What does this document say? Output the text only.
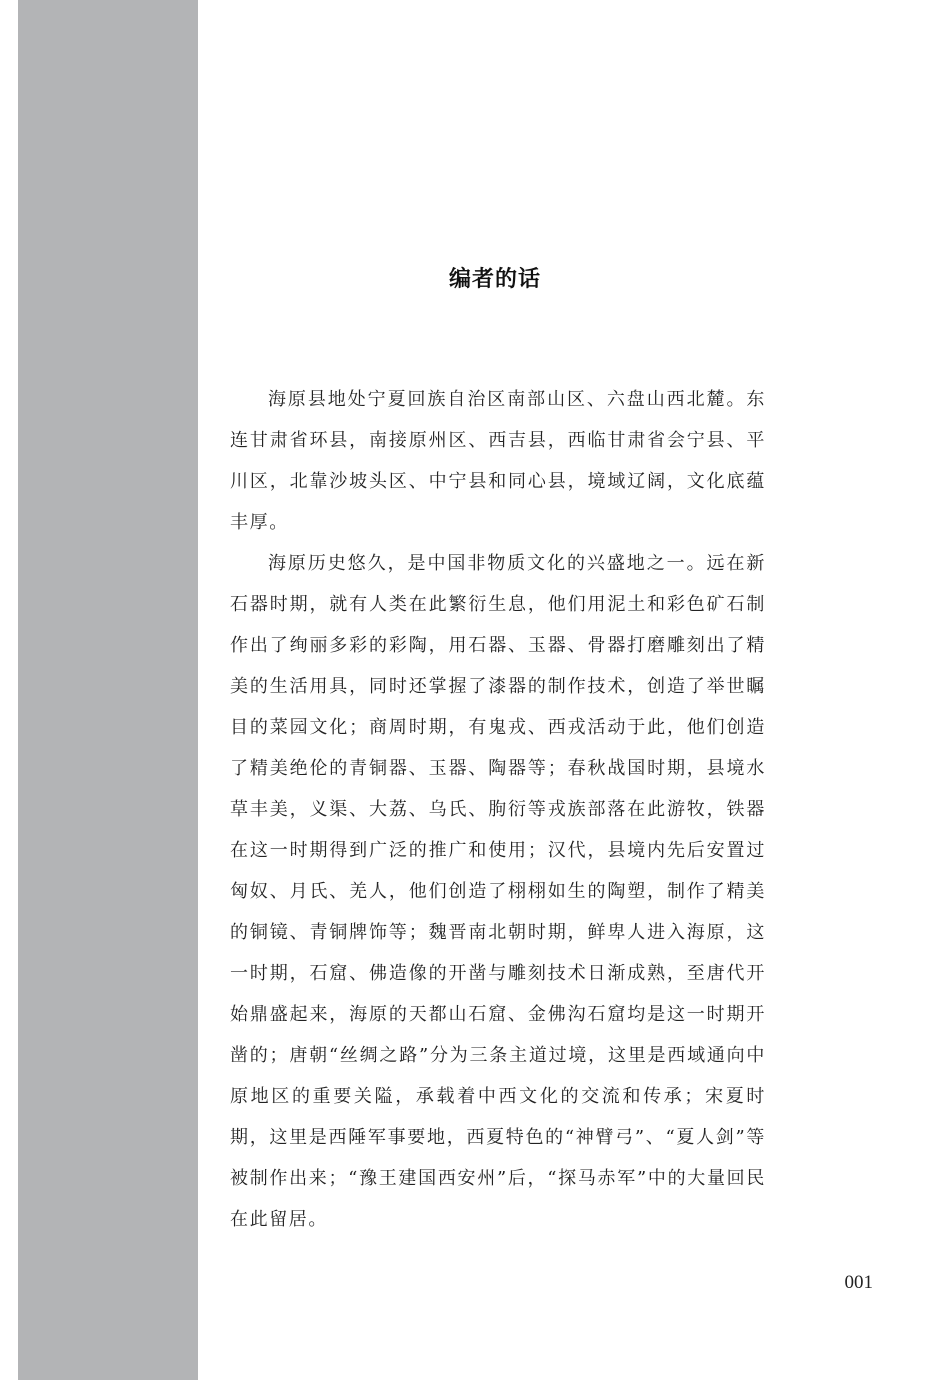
编者的话

海原县地处宁夏回族自治区南部山区、六盘山西北麓。东连甘肃省环县，南接原州区、西吉县，西临甘肃省会宁县、平川区，北靠沙坡头区、中宁县和同心县，境域辽阔，文化底蕴丰厚。

海原历史悠久，是中国非物质文化的兴盛地之一。远在新石器时期，就有人类在此繁衍生息，他们用泥土和彩色矿石制作出了绚丽多彩的彩陶，用石器、玉器、骨器打磨雕刻出了精美的生活用具，同时还掌握了漆器的制作技术，创造了举世瞩目的菜园文化；商周时期，有鬼戎、西戎活动于此，他们创造了精美绝伦的青铜器、玉器、陶器等；春秋战国时期，县境水草丰美，义渠、大荔、乌氏、朐衍等戎族部落在此游牧，铁器在这一时期得到广泛的推广和使用；汉代，县境内先后安置过匈奴、月氏、羌人，他们创造了栩栩如生的陶塑，制作了精美的铜镜、青铜牌饰等；魏晋南北朝时期，鲜卑人进入海原，这一时期，石窟、佛造像的开凿与雕刻技术日渐成熟，至唐代开始鼎盛起来，海原的天都山石窟、金佛沟石窟均是这一时期开凿的；唐朝“丝绸之路”分为三条主道过境，这里是西域通向中原地区的重要关隘，承载着中西文化的交流和传承；宋夏时期，这里是西陲军事要地，西夏特色的“神臂弓”、“夏人剑”等被制作出来；“豫王建国西安州”后，“探马赤军”中的大量回民在此留居。

001
